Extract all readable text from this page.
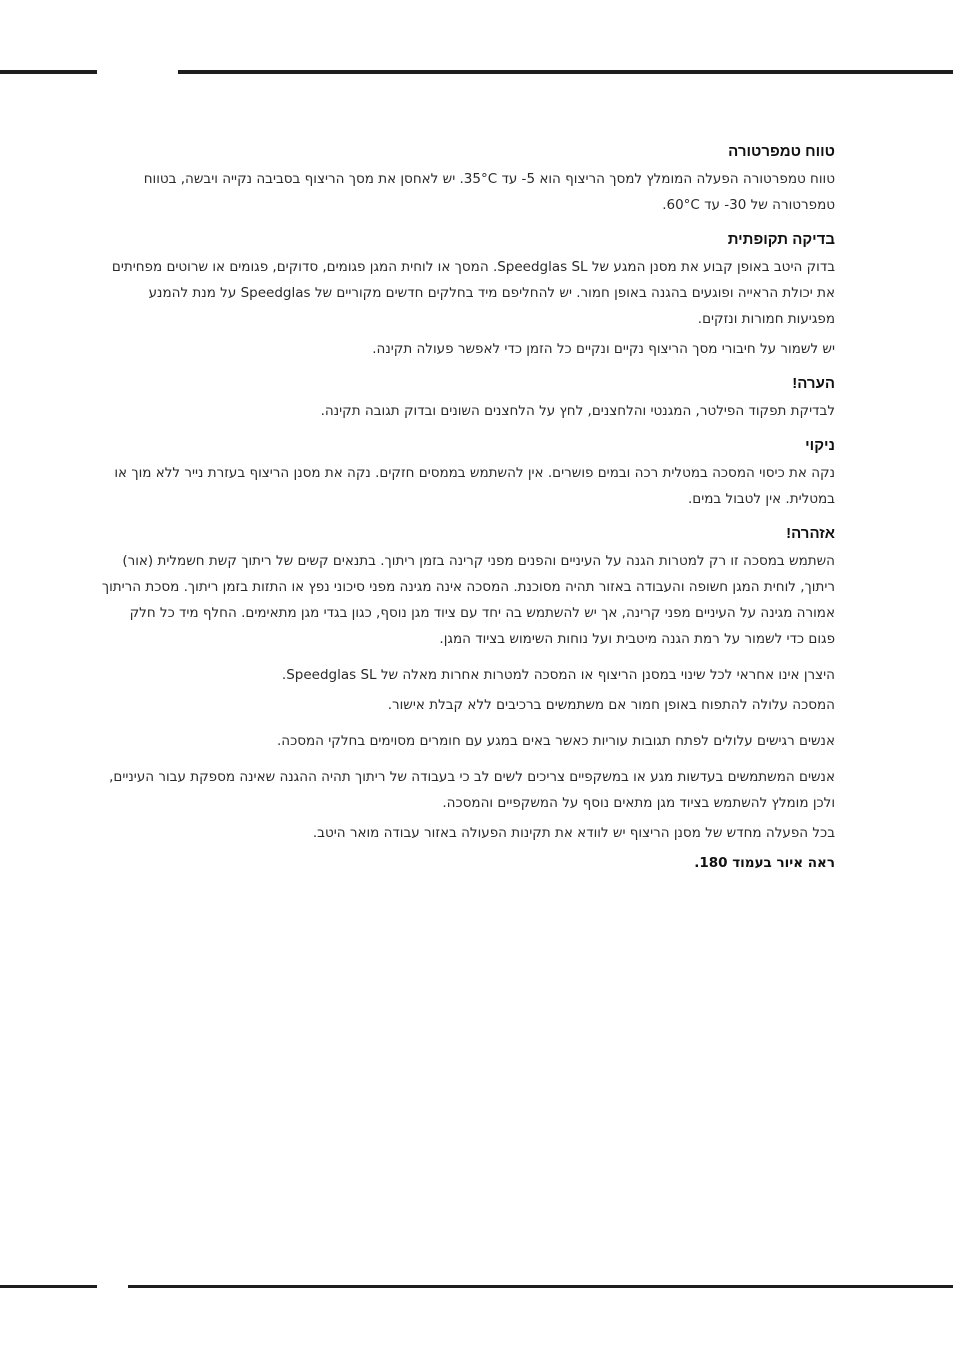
טווח טמפרטורה

טווח טמפרטורה הפעלה המומלץ למסך הריצוף הוא 5- עד 35°C. יש לאחסן את מסך הריצוף בסביבה נקייה ויבשה, בטווח טמפרטורה של 30- עד 60°C.

בדיקה תקופתית

בדוק היטב באופן קבוע את מסנן המגע של Speedglas SL. המסך או לוחית המגן פגומים, סדוקים, פגומים או שרוטים מפחיתים את יכולת הראייה ופוגעים בהגנה באופן חמור. יש להחליפם מיד בחלקים חדשים מקוריים של Speedglas על מנת להמנע מפגיעות חמורות ונזקים.

יש לשמור על חיבורי מסך הריצוף נקיים ונקיים כל הזמן כדי לאפשר פעולה תקינה.

הערה!

לבדיקת תפקוד הפילטר, המגנטי והלחצנים, לחץ על הלחצנים השונים ובדוק תגובה תקינה.

ניקוי

נקה את כיסוי המסכה במטלית רכה ובמים פושרים. אין להשתמש בממסים חזקים. נקה את מסנן הריצוף בעזרת נייר ללא מוך או במטלית. אין לטבול במים.

אזהרה!

השתמש במסכה זו רק למטרות הגנה על העיניים והפנים מפני קרינה בזמן ריתוך. בתנאים קשים של ריתוך קשת חשמלית (אור) ריתוך, לוחית המגן חשופה והעבודה באזור תהיה מסוכנת. המסכה אינה מגינה מפני סיכוני נפץ או התזות בזמן ריתוך. מסכת הריתוך אמורה מגינה על העיניים מפני קרינה, אך יש להשתמש בה יחד עם ציוד מגן נוסף, כגון בגדי מגן מתאימים. החלף מיד כל חלק פגום כדי לשמור על רמת הגנה מיטבית ועל נוחות השימוש בציוד המגן.

היצרן אינו אחראי לכל שינוי במסנן הריצוף או המסכה למטרות אחרות מאלה של Speedglas SL.

המסכה עלולה להתפוח באופן חמור אם משתמשים ברכיבים ללא קבלת אישור.

אנשים רגישים עלולים לפתח תגובות עוריות כאשר באים במגע עם חומרים מסוימים בחלקי המסכה.

אנשים המשתמשים בעדשות מגע או במשקפיים צריכים לשים לב כי בעבודה של ריתוך תהיה ההגנה שאינה מספקת עבור העיניים, ולכן מומלץ להשתמש בציוד מגן מתאים נוסף על המשקפיים והמסכה.

בכל הפעלה מחדש של מסנן הריצוף יש לוודא את תקינות הפעולה באזור עבודה מואר היטב.

ראה איור בעמוד 180.
